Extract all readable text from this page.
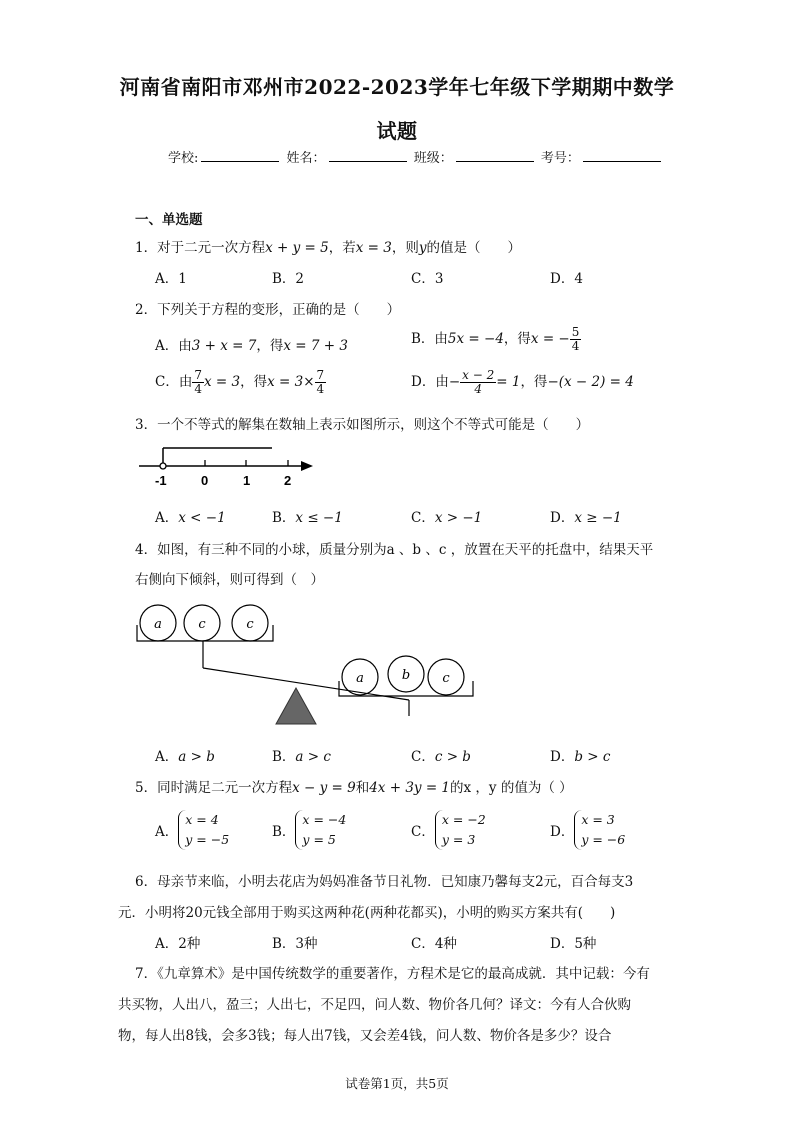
河南省南阳市邓州市2022-2023学年七年级下学期期中数学
试题
学校:	姓名：	班级：	考号：
一、单选题
1．对于二元一次方程x + y = 5，若x = 3，则y的值是（　　）
A．1	B．2	C．3	D．4
2．下列关于方程的变形，正确的是（　　）
A．由3 + x = 7，得x = 7 + 3	B．由5x = −4，得x = − $\frac{5}{4}$
C．由 $\frac{7}{4}$ x = 3，得$x = 3\times \frac{7}{4}$	D．由− $\frac{x - 2}{4} = 1$，得−(x − 2) = 4
3．一个不等式的解集在数轴上表示如图所示，则这个不等式可能是（　　）
-1	0	1	2
A．x < −1	B．x ≤ −1	C．x > −1	D．x ≥ −1
4．如图，有三种不同的小球，质量分别为a 、b 、c ，放置在天平的托盘中，结果天平
右侧向下倾斜，则可得到（　）
a	c	c
a	b c
A．a > b	B．a > c	C．c > b	D．b > c
5．同时满足二元一次方程x − y = 9和4x + 3y = 1的x ，y 的值为（ ）
A．
x = 4
y = −5	B．
x = −4
y = 5	C．
x = −2
y = 3	D．
x = 3
y = −6
6．母亲节来临，小明去花店为妈妈准备节日礼物．已知康乃馨每支2元，百合每支3
元．小明将20元钱全部用于购买这两种花(两种花都买)，小明的购买方案共有(　　)
A．2种	B．3种	C．4种	D．5种
7．《九章算术》是中国传统数学的重要著作，方程术是它的最高成就．其中记载：今有
共买物，人出八，盈三；人出七，不足四，问人数、物价各几何？译文：今有人合伙购
物，每人出8钱，会多3钱；每人出7钱，又会差4钱，问人数、物价各是多少？设合
试卷第1页，共5页
